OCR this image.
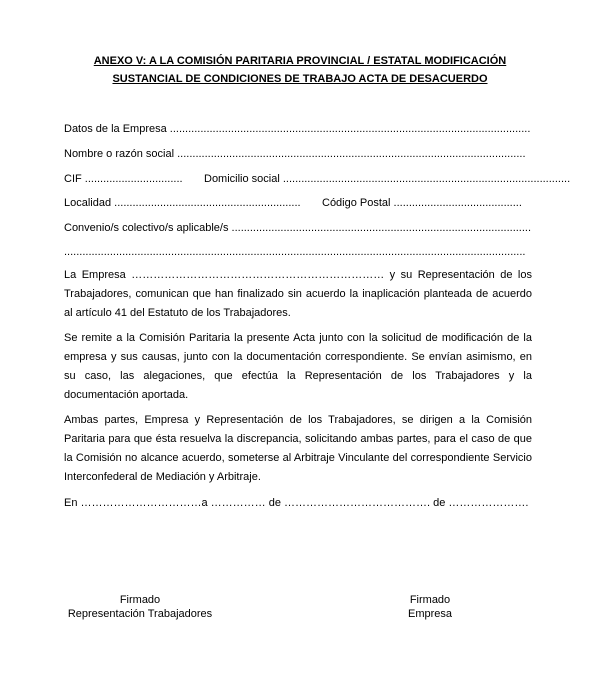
ANEXO V: A LA COMISIÓN PARITARIA PROVINCIAL / ESTATAL MODIFICACIÓN
SUSTANCIAL DE CONDICIONES DE TRABAJO ACTA DE DESACUERDO
Datos de la Empresa ......................................................................................................................
Nombre o razón social ..................................................................................................................
CIF ................................ Domicilio social ..............................................................................................
Localidad ............................................................. Código Postal ..........................................
Convenio/s colectivo/s aplicable/s ..................................................................................................
.......................................................................................................................................................
La Empresa …………………………………………………………… y su Representación de los
Trabajadores, comunican que han finalizado sin acuerdo la inaplicación planteada de acuerdo al artículo 41 del Estatuto de los Trabajadores.
Se remite a la Comisión Paritaria la presente Acta junto con la solicitud de modificación de la empresa y sus causas, junto con la documentación correspondiente. Se envían asimismo, en su caso, las alegaciones, que efectúa la Representación de los Trabajadores y la documentación aportada.
Ambas partes, Empresa y Representación de los Trabajadores, se dirigen a la Comisión Paritaria para que ésta resuelva la discrepancia, solicitando ambas partes, para el caso de que la Comisión no alcance acuerdo, someterse al Arbitraje Vinculante del correspondiente Servicio Interconfederal de Mediación y Arbitraje.
En ……………………………a …………… de …………………………………. de ………………….
Firmado
Representación Trabajadores
Firmado
Empresa
